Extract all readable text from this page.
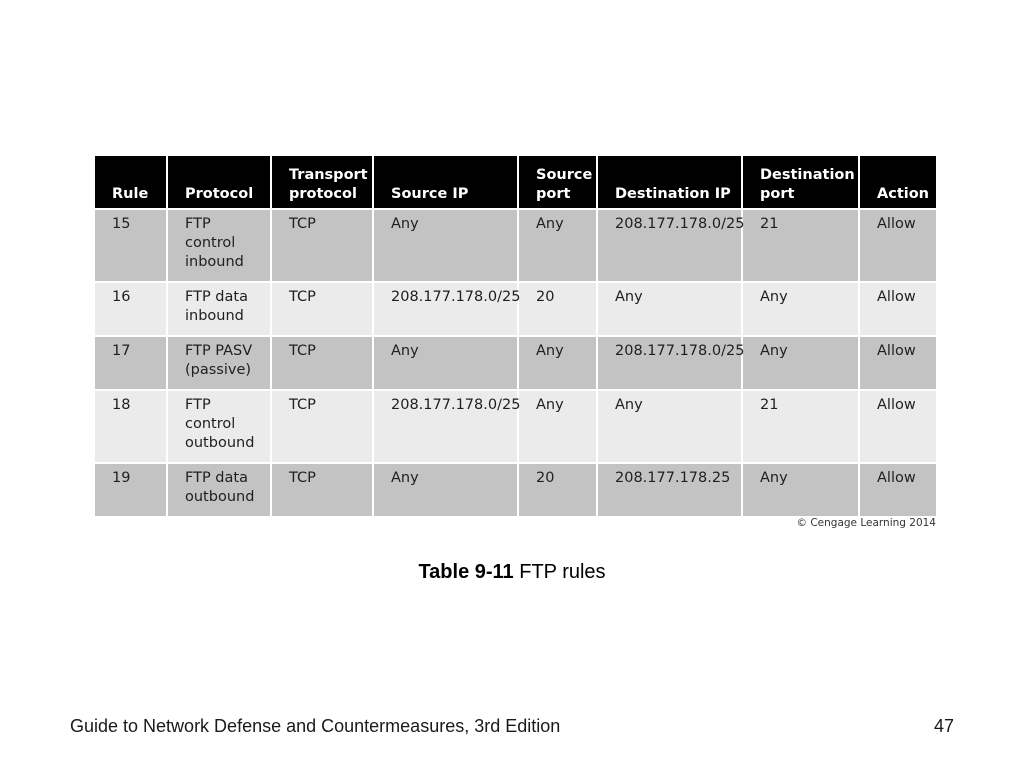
Rule	Protocol	Transport protocol	Source IP	Source port	Destination IP	Destination port	Action
15	FTP control inbound	TCP	Any	Any	208.177.178.0/25	21	Allow
16	FTP data inbound	TCP	208.177.178.0/25	20	Any	Any	Allow
17	FTP PASV (passive)	TCP	Any	Any	208.177.178.0/25	Any	Allow
18	FTP control outbound	TCP	208.177.178.0/25	Any	Any	21	Allow
19	FTP data outbound	TCP	Any	20	208.177.178.25	Any	Allow
© Cengage Learning 2014
Table 9-11 FTP rules
Guide to Network Defense and Countermeasures, 3rd Edition	47
